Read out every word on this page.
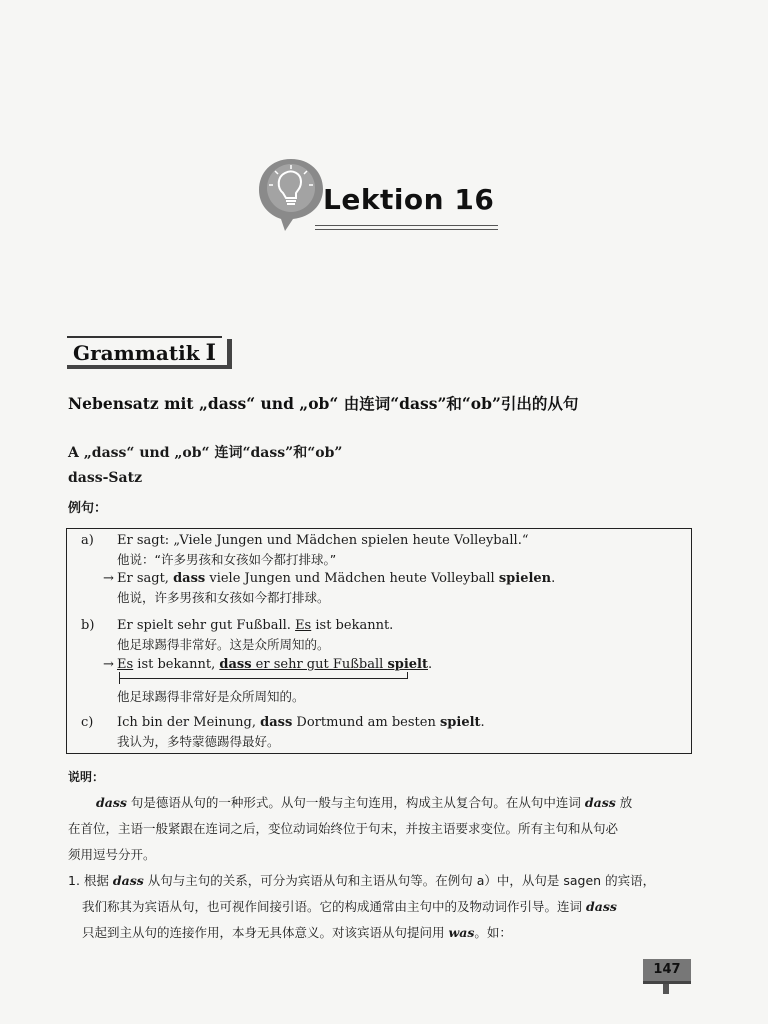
Lektion 16
Grammatik I
Nebensatz mit „dass“ und „ob“ 由连词“dass”和“ob”引出的从句
A „dass“ und „ob“ 连词“dass”和“ob”
dass-Satz
例句：
a)	Er sagt: „Viele Jungen und Mädchen spielen heute Volleyball.“
他说：“许多男孩和女孩如今都打排球。”
→ Er sagt, dass viele Jungen und Mädchen heute Volleyball spielen.
他说，许多男孩和女孩如今都打排球。
b)	Er spielt sehr gut Fußball. Es ist bekannt.
他足球踢得非常好。这是众所周知的。
→ Es ist bekannt, dass er sehr gut Fußball spielt.
他足球踢得非常好是众所周知的。
c)	Ich bin der Meinung, dass Dortmund am besten spielt.
我认为，多特蒙德踢得最好。
说明：
dass 句是德语从句的一种形式。从句一般与主句连用，构成主从复合句。在从句中连词 dass 放
在首位，主语一般紧跟在连词之后，变位动词始终位于句末，并按主语要求变位。所有主句和从句必
须用逗号分开。
1. 根据 dass 从句与主句的关系，可分为宾语从句和主语从句等。在例句 a）中，从句是 sagen 的宾语，
我们称其为宾语从句，也可视作间接引语。它的构成通常由主句中的及物动词作引导。连词 dass
只起到主从句的连接作用，本身无具体意义。对该宾语从句提问用 was。如：
147
